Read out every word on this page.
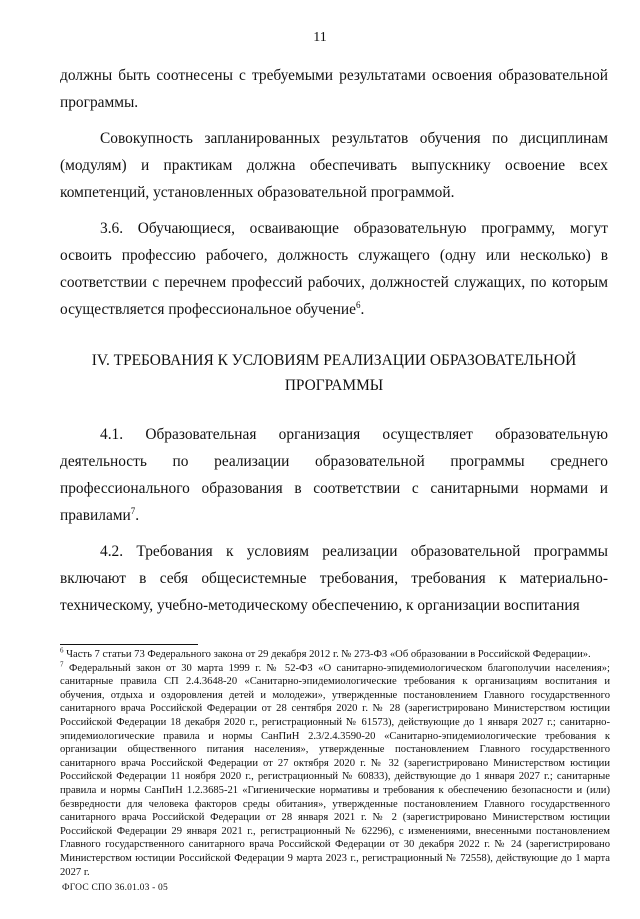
11

должны быть соотнесены с требуемыми результатами освоения образовательной программы.

Совокупность запланированных результатов обучения по дисциплинам (модулям) и практикам должна обеспечивать выпускнику освоение всех компетенций, установленных образовательной программой.

3.6. Обучающиеся, осваивающие образовательную программу, могут освоить профессию рабочего, должность служащего (одну или несколько) в соответствии с перечнем профессий рабочих, должностей служащих, по которым осуществляется профессиональное обучение$^6$.

IV. ТРЕБОВАНИЯ К УСЛОВИЯМ РЕАЛИЗАЦИИ ОБРАЗОВАТЕЛЬНОЙ
ПРОГРАММЫ

4.1. Образовательная организация осуществляет образовательную деятельность по реализации образовательной программы среднего профессионального образования в соответствии с санитарными нормами и правилами$^7$.

4.2. Требования к условиям реализации образовательной программы включают в себя общесистемные требования, требования к материально-техническому, учебно-методическому обеспечению, к организации воспитания

$^6$ Часть 7 статьи 73 Федерального закона от 29 декабря 2012 г. № 273-ФЗ «Об образовании в Российской Федерации».

$^7$ Федеральный закон от 30 марта 1999 г. № 52-ФЗ «О санитарно-эпидемиологическом благополучии населения»; санитарные правила СП 2.4.3648-20 «Санитарно-эпидемиологические требования к организациям воспитания и обучения, отдыха и оздоровления детей и молодежи», утвержденные постановлением Главного государственного санитарного врача Российской Федерации от 28 сентября 2020 г. № 28 (зарегистрировано Министерством юстиции Российской Федерации 18 декабря 2020 г., регистрационный № 61573), действующие до 1 января 2027 г.; санитарно-эпидемиологические правила и нормы СанПиН 2.3/2.4.3590-20 «Санитарно-эпидемиологические требования к организации общественного питания населения», утвержденные постановлением Главного государственного санитарного врача Российской Федерации от 27 октября 2020 г. № 32 (зарегистрировано Министерством юстиции Российской Федерации 11 ноября 2020 г., регистрационный № 60833), действующие до 1 января 2027 г.; санитарные правила и нормы СанПиН 1.2.3685-21 «Гигиенические нормативы и требования к обеспечению безопасности и (или) безвредности для человека факторов среды обитания», утвержденные постановлением Главного государственного санитарного врача Российской Федерации от 28 января 2021 г. № 2 (зарегистрировано Министерством юстиции Российской Федерации 29 января 2021 г., регистрационный № 62296), с изменениями, внесенными постановлением Главного государственного санитарного врача Российской Федерации от 30 декабря 2022 г. № 24 (зарегистрировано Министерством юстиции Российской Федерации 9 марта 2023 г., регистрационный № 72558), действующие до 1 марта 2027 г.

ФГОС СПО 36.01.03 - 05
